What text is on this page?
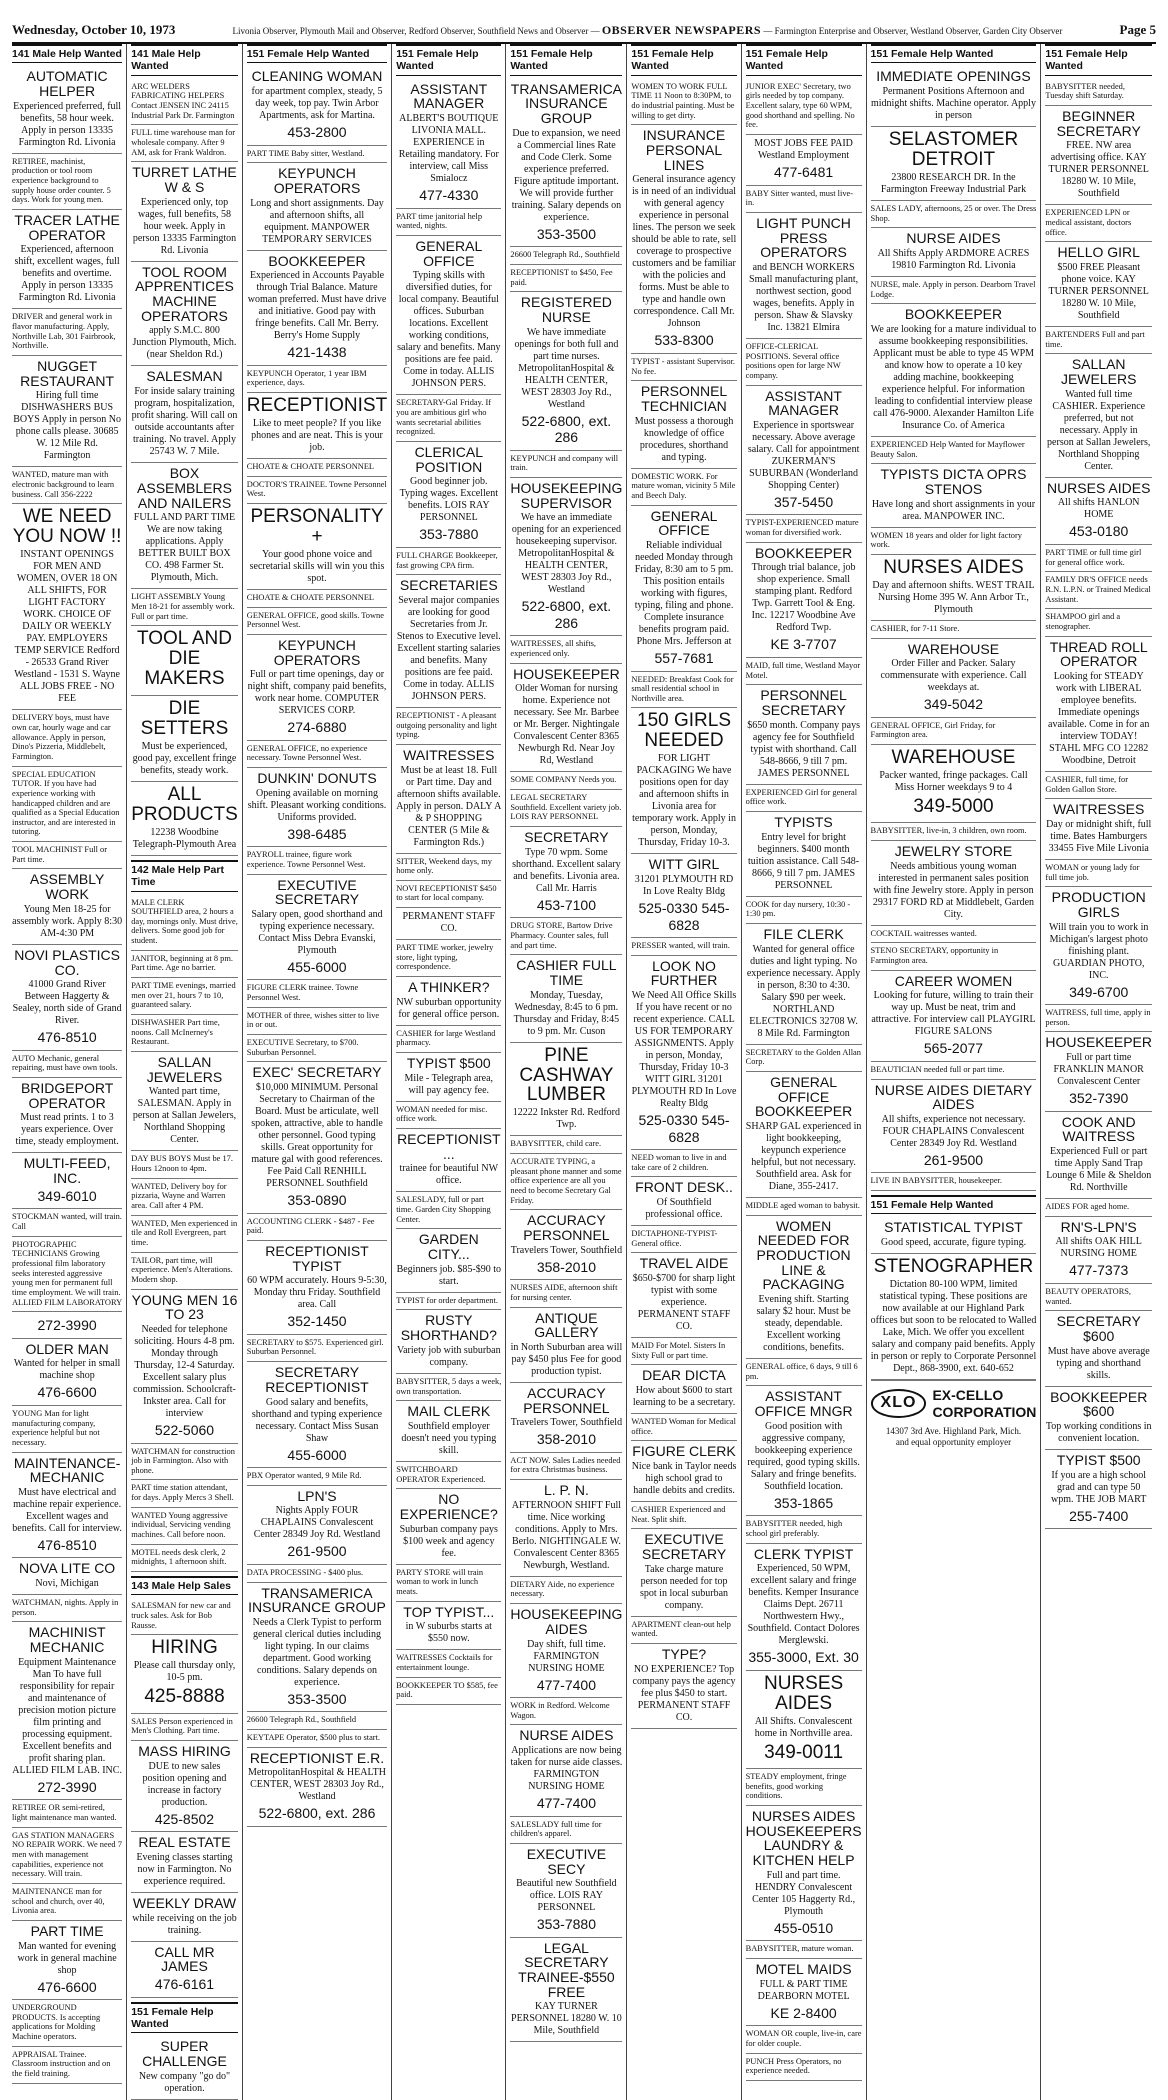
Wednesday, October 10, 1973	Livonia Observer, Plymouth Mail and Observer, Redford Observer, Southfield News and Observer — OBSERVER NEWSPAPERS — Farmington Enterprise and Observer, Westland Observer, Garden City Observer	Page 5
141 Male Help Wanted
AUTOMATIC HELPER
Experienced preferred, full benefits, 58 hour week. Apply in person 13335 Farmington Rd. Livonia
RETIREE, machinist, production or tool room experience background to supply house order counter. 5 days. Work for young men.
TRACER LATHE OPERATOR
Experienced, afternoon shift, excellent wages, full benefits and overtime. Apply in person 13335 Farmington Rd. Livonia
DRIVER and general work in flavor manufacturing. Apply, Northville Lab, 301 Fairbrook, Northville.
NUGGET RESTAURANT
Hiring full time DISHWASHERS BUS BOYS Apply in person No phone calls please. 30685 W. 12 Mile Rd. Farmington
WANTED, mature man with electronic background to learn business. Call 356-2222
WE NEED YOU NOW !!
INSTANT OPENINGS FOR MEN AND WOMEN, OVER 18 ON ALL SHIFTS, FOR LIGHT FACTORY WORK. CHOICE OF DAILY OR WEEKLY PAY. EMPLOYERS TEMP SERVICE Redford - 26533 Grand River Westland - 1531 S. Wayne ALL JOBS FREE - NO FEE
DELIVERY boys, must have own car, hourly wage and car allowance. Apply in person, Dino's Pizzeria, Middlebelt, Farmington.
SPECIAL EDUCATION TUTOR. If you have had experience working with handicapped children and are qualified as a Special Education instructor, and are interested in tutoring.
TOOL MACHINIST Full or Part time.
ASSEMBLY WORK
Young Men 18-25 for assembly work. Apply 8:30 AM-4:30 PM
NOVI PLASTICS CO.
41000 Grand River Between Haggerty & Sealey, north side of Grand River.
476-8510
AUTO Mechanic, general repairing, must have own tools.
BRIDGEPORT OPERATOR
Must read prints. 1 to 3 years experience. Over time, steady employment.
MULTI-FEED, INC.
349-6010
STOCKMAN wanted, will train. Call
PHOTOGRAPHIC TECHNICIANS Growing professional film laboratory seeks interested aggressive young men for permanent full time employment. We will train. ALLIED FILM LABORATORY
272-3990
OLDER MAN
Wanted for helper in small machine shop
476-6600
YOUNG Man for light manufacturing company, experience helpful but not necessary.
MAINTENANCE-MECHANIC
Must have electrical and machine repair experience. Excellent wages and benefits. Call for interview.
476-8510
NOVA LITE CO
Novi, Michigan
WATCHMAN, nights. Apply in person.
MACHINIST MECHANIC
Equipment Maintenance Man To have full responsibility for repair and maintenance of precision motion picture film printing and processing equipment. Excellent benefits and profit sharing plan. ALLIED FILM LAB. INC.
272-3990
RETIREE OR semi-retired, light maintenance man wanted.
GAS STATION MANAGERS NO REPAIR WORK. We need 7 men with management capabilities, experience not necessary. Will train.
MAINTENANCE man for school and church, over 40, Livonia area.
PART TIME
Man wanted for evening work in general machine shop
476-6600
UNDERGROUND PRODUCTS. Is accepting applications for Molding Machine operators.
APPRAISAL Trainee. Classroom instruction and on the field training.
141 Male Help Wanted
ARC WELDERS FABRICATING HELPERS Contact JENSEN INC 24115 Industrial Park Dr. Farmington
FULL time warehouse man for wholesale company. After 9 AM, ask for Frank Waldron.
TURRET LATHE W & S
Experienced only, top wages, full benefits, 58 hour week. Apply in person 13335 Farmington Rd. Livonia
TOOL ROOM APPRENTICES MACHINE OPERATORS
apply S.M.C. 800 Junction Plymouth, Mich. (near Sheldon Rd.)
SALESMAN
For inside salary training program, hospitalization, profit sharing. Will call on outside accountants after training. No travel. Apply 25743 W. 7 Mile.
BOX ASSEMBLERS AND NAILERS
FULL AND PART TIME We are now taking applications. Apply BETTER BUILT BOX CO. 498 Farmer St. Plymouth, Mich.
LIGHT ASSEMBLY Young Men 18-21 for assembly work. Full or part time.
TOOL AND DIE MAKERS
DIE SETTERS
Must be experienced, good pay, excellent fringe benefits, steady work.
ALL PRODUCTS
12238 Woodbine Telegraph-Plymouth Area
142 Male Help Part Time
MALE CLERK SOUTHFIELD area, 2 hours a day, mornings only. Must drive, delivers. Some good job for student.
JANITOR, beginning at 8 pm. Part time. Age no barrier.
PART TIME evenings, married men over 21, hours 7 to 10, guaranteed salary.
DISHWASHER Part time, noons. Call McInerney's Restaurant.
SALLAN JEWELERS
Wanted part time, SALESMAN. Apply in person at Sallan Jewelers, Northland Shopping Center.
DAY BUS BOYS Must be 17. Hours 12noon to 4pm.
WANTED, Delivery boy for pizzaria, Wayne and Warren area. Call after 4 PM.
WANTED, Men experienced in tile and Roll Evergreen, part time.
TAILOR, part time, will experience. Men's Alterations. Modern shop.
YOUNG MEN 16 TO 23
Needed for telephone soliciting. Hours 4-8 pm. Monday through Thursday, 12-4 Saturday. Excellent salary plus commission. Schoolcraft-Inkster area. Call for interview
522-5060
WATCHMAN for construction job in Farmington. Also with phone.
PART time station attendant, for days. Apply Mercs 3 Shell.
WANTED Young aggressive individual, Servicing vending machines. Call before noon.
MOTEL needs desk clerk, 2 midnights, 1 afternoon shift.
143 Male Help Sales
SALESMAN for new car and truck sales. Ask for Bob Rausse.
HIRING
Please call thursday only, 10-5 pm.
425-8888
SALES Person experienced in Men's Clothing. Part time.
MASS HIRING
DUE to new sales position opening and increase in factory production.
425-8502
REAL ESTATE
Evening classes starting now in Farmington. No experience required.
WEEKLY DRAW
while receiving on the job training.
CALL MR JAMES
476-6161
151 Female Help Wanted
SUPER CHALLENGE
New company "go do" operation.
151 Female Help Wanted
CLEANING WOMAN
for apartment complex, steady, 5 day week, top pay. Twin Arbor Apartments, ask for Martina.
453-2800
PART TIME Baby sitter, Westland.
KEYPUNCH OPERATORS
Long and short assignments. Day and afternoon shifts, all equipment. MANPOWER TEMPORARY SERVICES
BOOKKEEPER
Experienced in Accounts Payable through Trial Balance. Mature woman preferred. Must have drive and initiative. Good pay with fringe benefits. Call Mr. Berry. Berry's Home Supply
421-1438
KEYPUNCH Operator, 1 year IBM experience, days.
RECEPTIONIST
Like to meet people? If you like phones and are neat. This is your job.
CHOATE & CHOATE PERSONNEL
DOCTOR'S TRAINEE. Towne Personnel West.
PERSONALITY +
Your good phone voice and secretarial skills will win you this spot.
CHOATE & CHOATE PERSONNEL
GENERAL OFFICE, good skills. Towne Personnel West.
KEYPUNCH OPERATORS
Full or part time openings, day or night shift, company paid benefits, work near home. COMPUTER SERVICES CORP.
274-6880
GENERAL OFFICE, no experience necessary. Towne Personnel West.
DUNKIN' DONUTS
Opening available on morning shift. Pleasant working conditions. Uniforms provided.
398-6485
PAYROLL trainee, figure work experience. Towne Personnel West.
EXECUTIVE SECRETARY
Salary open, good shorthand and typing experience necessary. Contact Miss Debra Evanski, Plymouth
455-6000
FIGURE CLERK trainee. Towne Personnel West.
MOTHER of three, wishes sitter to live in or out.
EXECUTIVE Secretary, to $700. Suburban Personnel.
EXEC' SECRETARY
$10,000 MINIMUM. Personal Secretary to Chairman of the Board. Must be articulate, well spoken, attractive, able to handle other personnel. Good typing skills. Great opportunity for mature gal with good references. Fee Paid Call RENHILL PERSONNEL Southfield
353-0890
ACCOUNTING CLERK - $487 - Fee paid.
RECEPTIONIST TYPIST
60 WPM accurately. Hours 9-5:30, Monday thru Friday. Southfield area. Call
352-1450
SECRETARY to $575. Experienced girl. Suburban Personnel.
SECRETARY RECEPTIONIST
Good salary and benefits, shorthand and typing experience necessary. Contact Miss Susan Shaw
455-6000
PBX Operator wanted, 9 Mile Rd.
LPN'S
Nights Apply FOUR CHAPLAINS Convalescent Center 28349 Joy Rd. Westland
261-9500
DATA PROCESSING - $400 plus.
TRANSAMERICA INSURANCE GROUP
Needs a Clerk Typist to perform general clerical duties including light typing. In our claims department. Good working conditions. Salary depends on experience.
353-3500
26600 Telegraph Rd., Southfield
KEYTAPE Operator, $500 plus to start.
RECEPTIONIST E.R.
MetropolitanHospital & HEALTH CENTER, WEST 28303 Joy Rd., Westland
522-6800, ext. 286
151 Female Help Wanted
ASSISTANT MANAGER
ALBERT'S BOUTIQUE LIVONIA MALL. EXPERIENCE in Retailing mandatory. For interview, call Miss Smialocz
477-4330
PART time janitorial help wanted, nights.
GENERAL OFFICE
Typing skills with diversified duties, for local company. Beautiful offices. Suburban locations. Excellent working conditions, salary and benefits. Many positions are fee paid. Come in today. ALLIS JOHNSON PERS.
SECRETARY-Gal Friday. If you are ambitious girl who wants secretarial abilities recognized.
CLERICAL POSITION
Good beginner job. Typing wages. Excellent benefits. LOIS RAY PERSONNEL
353-7880
FULL CHARGE Bookkeeper, fast growing CPA firm.
SECRETARIES
Several major companies are looking for good Secretaries from Jr. Stenos to Executive level. Excellent starting salaries and benefits. Many positions are fee paid. Come in today. ALLIS JOHNSON PERS.
RECEPTIONIST - A pleasant outgoing personality and light typing.
WAITRESSES
Must be at least 18. Full or Part time. Day and afternoon shifts available. Apply in person. DALY A & P SHOPPING CENTER (5 Mile & Farmington Rds.)
SITTER, Weekend days, my home only.
NOVI RECEPTIONIST $450 to start for local company.
PERMANENT STAFF CO.
PART TIME worker, jewelry store, light typing, correspondence.
A THINKER?
NW suburban opportunity for general office person.
CASHIER for large Westland pharmacy.
TYPIST $500
Mile - Telegraph area, will pay agency fee.
WOMAN needed for misc. office work.
RECEPTIONIST ...
trainee for beautiful NW office.
SALESLADY, full or part time. Garden City Shopping Center.
GARDEN CITY...
Beginners job. $85-$90 to start.
TYPIST for order department.
RUSTY SHORTHAND?
Variety job with suburban company.
BABYSITTER, 5 days a week, own transportation.
MAIL CLERK
Southfield employer doesn't need you typing skill.
SWITCHBOARD OPERATOR Experienced.
NO EXPERIENCE?
Suburban company pays $100 week and agency fee.
PARTY STORE will train woman to work in lunch meats.
TOP TYPIST...
in W suburbs starts at $550 now.
WAITRESSES Cocktails for entertainment lounge.
BOOKKEEPER TO $585, fee paid.
151 Female Help Wanted
TRANSAMERICA INSURANCE GROUP
Due to expansion, we need a Commercial lines Rate and Code Clerk. Some experience preferred. Figure aptitude important. We will provide further training. Salary depends on experience.
353-3500
26600 Telegraph Rd., Southfield
RECEPTIONIST to $450, Fee paid.
REGISTERED NURSE
We have immediate openings for both full and part time nurses. MetropolitanHospital & HEALTH CENTER, WEST 28303 Joy Rd., Westland
522-6800, ext. 286
KEYPUNCH and company will train.
HOUSEKEEPING SUPERVISOR
We have an immediate opening for an experienced housekeeping supervisor. MetropolitanHospital & HEALTH CENTER, WEST 28303 Joy Rd., Westland
522-6800, ext. 286
WAITRESSES, all shifts, experienced only.
HOUSEKEEPER
Older Woman for nursing home. Experience not necessary. See Mr. Barbee or Mr. Berger. Nightingale Convalescent Center 8365 Newburgh Rd. Near Joy Rd, Westland
SOME COMPANY Needs you.
LEGAL SECRETARY Southfield. Excellent variety job. LOIS RAY PERSONNEL
SECRETARY
Type 70 wpm. Some shorthand. Excellent salary and benefits. Livonia area. Call Mr. Harris
453-7100
DRUG STORE, Bartow Drive Pharmacy. Counter sales, full and part time.
CASHIER FULL TIME
Monday, Tuesday, Wednesday, 8:45 to 6 pm. Thursday and Friday, 8:45 to 9 pm. Mr. Cuson
PINE CASHWAY LUMBER
12222 Inkster Rd. Redford Twp.
BABYSITTER, child care.
ACCURATE TYPING, a pleasant phone manner and some office experience are all you need to become Secretary Gal Friday.
ACCURACY PERSONNEL
Travelers Tower, Southfield
358-2010
NURSES AIDE, afternoon shift for nursing center.
ANTIQUE GALLERY
in North Suburban area will pay $450 plus Fee for good production typist.
ACCURACY PERSONNEL
Travelers Tower, Southfield
358-2010
ACT NOW. Sales Ladies needed for extra Christmas business.
L. P. N.
AFTERNOON SHIFT Full time. Nice working conditions. Apply to Mrs. Berlo. NIGHTINGALE W. Convalescent Center 8365 Newburgh, Westland.
DIETARY Aide, no experience necessary.
HOUSEKEEPING AIDES
Day shift, full time. FARMINGTON NURSING HOME
477-7400
WORK in Redford. Welcome Wagon.
NURSE AIDES
Applications are now being taken for nurse aide classes. FARMINGTON NURSING HOME
477-7400
SALESLADY full time for children's apparel.
EXECUTIVE SECY
Beautiful new Southfield office. LOIS RAY PERSONNEL
353-7880
LEGAL SECRETARY TRAINEE-$550 FREE
KAY TURNER PERSONNEL 18280 W. 10 Mile, Southfield
151 Female Help Wanted
WOMEN TO WORK FULL TIME 11 Noon to 8:30PM, to do industrial painting. Must be willing to get dirty.
INSURANCE PERSONAL LINES
General insurance agency is in need of an individual with general agency experience in personal lines. The person we seek should be able to rate, sell coverage to prospective customers and be familiar with the policies and forms. Must be able to type and handle own correspondence. Call Mr. Johnson
533-8300
TYPIST - assistant Supervisor. No fee.
PERSONNEL TECHNICIAN
Must possess a thorough knowledge of office procedures, shorthand and typing.
DOMESTIC WORK. For mature woman, vicinity 5 Mile and Beech Daly.
GENERAL OFFICE
Reliable individual needed Monday through Friday, 8:30 am to 5 pm. This position entails working with figures, typing, filing and phone. Complete insurance benefits program paid. Phone Mrs. Jefferson at
557-7681
NEEDED: Breakfast Cook for small residential school in Northville area.
150 GIRLS NEEDED
FOR LIGHT PACKAGING We have positions open for day and afternoon shifts in Livonia area for temporary work. Apply in person, Monday, Thursday, Friday 10-3.
WITT GIRL
31201 PLYMOUTH RD In Love Realty Bldg
525-0330 545-6828
PRESSER wanted, will train.
LOOK NO FURTHER
We Need All Office Skills If you have recent or no recent experience. CALL US FOR TEMPORARY ASSIGNMENTS. Apply in person, Monday, Thursday, Friday 10-3 WITT GIRL 31201 PLYMOUTH RD In Love Realty Bldg
525-0330 545-6828
NEED woman to live in and take care of 2 children.
FRONT DESK..
Of Southfield professional office.
DICTAPHONE-TYPIST-General office.
TRAVEL AIDE
$650-$700 for sharp light typist with some experience. PERMANENT STAFF CO.
MAID For Motel. Sisters In Sixty Full or part time.
DEAR DICTA
How about $600 to start learning to be a secretary.
WANTED Woman for Medical office.
FIGURE CLERK
Nice bank in Taylor needs high school grad to handle debits and credits.
CASHIER Experienced and Neat. Split shift.
EXECUTIVE SECRETARY
Take charge mature person needed for top spot in local suburban company.
APARTMENT clean-out help wanted.
TYPE?
NO EXPERIENCE? Top company pays the agency fee plus $450 to start. PERMANENT STAFF CO.
151 Female Help Wanted
JUNIOR EXEC' Secretary, two girls needed by top company. Excellent salary, type 60 WPM, good shorthand and spelling. No fee.
MOST JOBS FEE PAID Westland Employment
477-6481
BABY Sitter wanted, must live-in.
LIGHT PUNCH PRESS OPERATORS
and BENCH WORKERS Small manufacturing plant, northwest section, good wages, benefits. Apply in person. Shaw & Slavsky Inc. 13821 Elmira
OFFICE-CLERICAL POSITIONS. Several office positions open for large NW company.
ASSISTANT MANAGER
Experience in sportswear necessary. Above average salary. Call for appointment ZUKERMAN'S SUBURBAN (Wonderland Shopping Center)
357-5450
TYPIST-EXPERIENCED mature woman for diversified work.
BOOKKEEPER
Through trial balance, job shop experience. Small stamping plant. Redford Twp. Garrett Tool & Eng. Inc. 12217 Woodbine Ave Redford Twp.
KE 3-7707
MAID, full time, Westland Mayor Motel.
PERSONNEL SECRETARY
$650 month. Company pays agency fee for Southfield typist with shorthand. Call 548-8666, 9 till 7 pm. JAMES PERSONNEL
EXPERIENCED Girl for general office work.
TYPISTS
Entry level for bright beginners. $400 month tuition assistance. Call 548-8666, 9 till 7 pm. JAMES PERSONNEL
COOK for day nursery, 10:30 - 1:30 pm.
FILE CLERK
Wanted for general office duties and light typing. No experience necessary. Apply in person, 8:30 to 4:30. Salary $90 per week. NORTHLAND ELECTRONICS 32708 W. 8 Mile Rd. Farmington
SECRETARY to the Golden Allan Corp.
GENERAL OFFICE BOOKKEEPER
SHARP GAL experienced in light bookkeeping, keypunch experience helpful, but not necessary. Southfield area. Ask for Diane, 355-2417.
MIDDLE aged woman to babysit.
WOMEN NEEDED FOR PRODUCTION LINE & PACKAGING
Evening shift. Starting salary $2 hour. Must be steady, dependable. Excellent working conditions, benefits.
GENERAL office, 6 days, 9 till 6 pm.
ASSISTANT OFFICE MNGR
Good position with aggressive company, bookkeeping experience required, good typing skills. Salary and fringe benefits. Southfield location.
353-1865
BABYSITTER needed, high school girl preferably.
CLERK TYPIST
Experienced, 50 WPM, excellent salary and fringe benefits. Kemper Insurance Claims Dept. 26711 Northwestern Hwy., Southfield. Contact Dolores Merglewski.
355-3000, Ext. 30
NURSES AIDES
All Shifts. Convalescent home in Northville area.
349-0011
STEADY employment, fringe benefits, good working conditions.
NURSES AIDES HOUSEKEEPERS LAUNDRY & KITCHEN HELP
Full and part time. HENDRY Convalescent Center 105 Haggerty Rd., Plymouth
455-0510
BABYSITTER, mature woman.
MOTEL MAIDS
FULL & PART TIME DEARBORN MOTEL
KE 2-8400
WOMAN OR couple, live-in, care for older couple.
PUNCH Press Operators, no experience needed.
151 Female Help Wanted
IMMEDIATE OPENINGS
Permanent Positions Afternoon and midnight shifts. Machine operator. Apply in person
SELASTOMER DETROIT
23800 RESEARCH DR. In the Farmington Freeway Industrial Park
SALES LADY, afternoons, 25 or over. The Dress Shop.
NURSE AIDES
All Shifts Apply ARDMORE ACRES 19810 Farmington Rd. Livonia
NURSE, male. Apply in person. Dearborn Travel Lodge.
BOOKKEEPER
We are looking for a mature individual to assume bookkeeping responsibilities. Applicant must be able to type 45 WPM and know how to operate a 10 key adding machine, bookkeeping experience helpful. For information leading to confidential interview please call 476-9000. Alexander Hamilton Life Insurance Co. of America
EXPERIENCED Help Wanted for Mayflower Beauty Salon.
TYPISTS DICTA OPRS STENOS
Have long and short assignments in your area. MANPOWER INC.
WOMEN 18 years and older for light factory work.
NURSES AIDES
Day and afternoon shifts. WEST TRAIL Nursing Home 395 W. Ann Arbor Tr., Plymouth
CASHIER, for 7-11 Store.
WAREHOUSE
Order Filler and Packer. Salary commensurate with experience. Call weekdays at.
349-5042
GENERAL OFFICE, Girl Friday, for Farmington area.
WAREHOUSE
Packer wanted, fringe packages. Call Miss Horner weekdays 9 to 4
349-5000
BABYSITTER, live-in, 3 children, own room.
JEWELRY STORE
Needs ambitious young woman interested in permanent sales position with fine Jewelry store. Apply in person 29317 FORD RD at Middlebelt, Garden City.
COCKTAIL waitresses wanted.
STENO SECRETARY, opportunity in Farmington area.
CAREER WOMEN
Looking for future, willing to train their way up. Must be neat, trim and attractive. For interview call PLAYGIRL FIGURE SALONS
565-2077
BEAUTICIAN needed full or part time.
NURSE AIDES DIETARY AIDES
All shifts, experience not necessary. FOUR CHAPLAINS Convalescent Center 28349 Joy Rd. Westland
261-9500
LIVE IN BABYSITTER, housekeeper.
151 Female Help Wanted
STATISTICAL TYPIST
Good speed, accurate, figure typing.
STENOGRAPHER
Dictation 80-100 WPM, limited statistical typing. These positions are now available at our Highland Park offices but soon to be relocated to Walled Lake, Mich. We offer you excellent salary and company paid benefits. Apply in person or reply to Corporate Personnel Dept., 868-3900, ext. 640-652
XLO	EX-CELLO CORPORATION
14307 3rd Ave. Highland Park, Mich.
and equal opportunity employer
151 Female Help Wanted
BABYSITTER needed, Tuesday shift Saturday.
BEGINNER SECRETARY
FREE. NW area advertising office. KAY TURNER PERSONNEL 18280 W. 10 Mile, Southfield
EXPERIENCED LPN or medical assistant, doctors office.
HELLO GIRL
$500 FREE Pleasant phone voice. KAY TURNER PERSONNEL 18280 W. 10 Mile, Southfield
BARTENDERS Full and part time.
SALLAN JEWELERS
Wanted full time CASHIER. Experience preferred, but not necessary. Apply in person at Sallan Jewelers, Northland Shopping Center.
NURSES AIDES
All shifts HANLON HOME
453-0180
PART TIME or full time girl for general office work.
FAMILY DR'S OFFICE needs R.N. L.P.N. or Trained Medical Assistant.
SHAMPOO girl and a stenographer.
THREAD ROLL OPERATOR
Looking for STEADY work with LIBERAL employee benefits. Immediate openings available. Come in for an interview TODAY! STAHL MFG CO 12282 Woodbine, Detroit
CASHIER, full time, for Golden Gallon Store.
WAITRESSES
Day or midnight shift, full time. Bates Hamburgers 33455 Five Mile Livonia
WOMAN or young lady for full time job.
PRODUCTION GIRLS
Will train you to work in Michigan's largest photo finishing plant. GUARDIAN PHOTO, INC.
349-6700
WAITRESS, full time, apply in person.
HOUSEKEEPER
Full or part time FRANKLIN MANOR Convalescent Center
352-7390
COOK AND WAITRESS
Experienced Full or part time Apply Sand Trap Lounge 6 Mile & Sheldon Rd. Northville
AIDES FOR aged home.
RN'S-LPN'S
All shifts OAK HILL NURSING HOME
477-7373
BEAUTY OPERATORS, wanted.
SECRETARY $600
Must have above average typing and shorthand skills.
BOOKKEEPER $600
Top working conditions in convenient location.
TYPIST $500
If you are a high school grad and can type 50 wpm. THE JOB MART
255-7400
